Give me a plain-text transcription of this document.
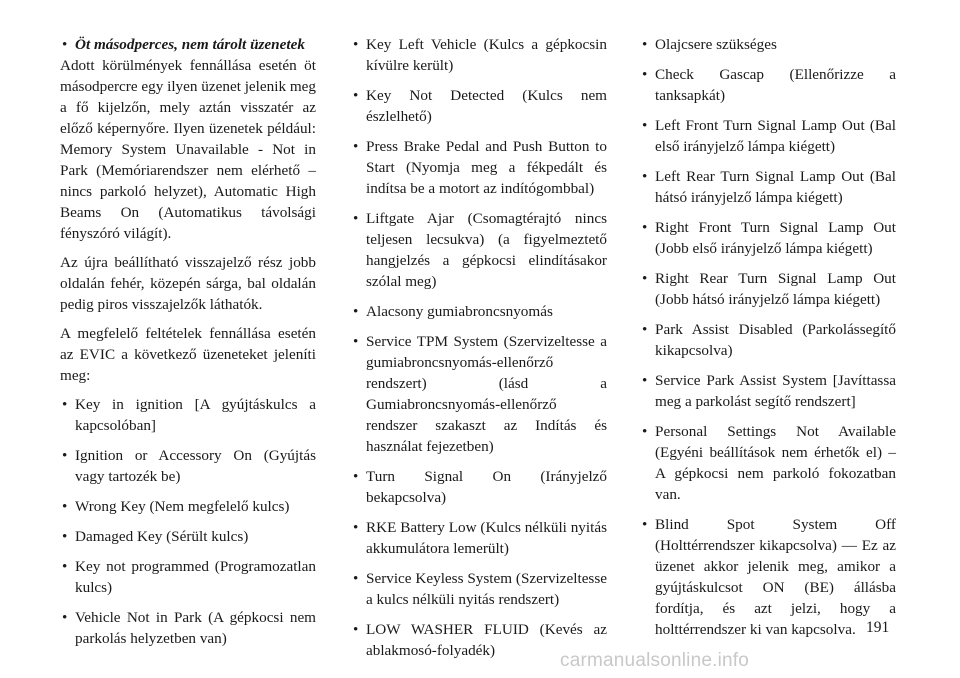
• Öt másodperces, nem tárolt üzenetek

Adott körülmények fennállása esetén öt másodpercre egy ilyen üzenet jelenik meg a fő kijelzőn, mely aztán visszatér az előző képernyőre. Ilyen üzenetek például: Memory System Unavailable - Not in Park (Memóriarendszer nem elérhető – nincs parkoló helyzet), Automatic High Beams On (Automatikus távolsági fényszóró világít).

Az újra beállítható visszajelző rész jobb oldalán fehér, közepén sárga, bal oldalán pedig piros visszajelzők láthatók.

A megfelelő feltételek fennállása esetén az EVIC a következő üzeneteket jeleníti meg:

• Key in ignition [A gyújtáskulcs a kapcsolóban]
• Ignition or Accessory On (Gyújtás vagy tartozék be)
• Wrong Key (Nem megfelelő kulcs)
• Damaged Key (Sérült kulcs)
• Key not programmed (Programozatlan kulcs)
• Vehicle Not in Park (A gépkocsi nem parkolás helyzetben van)
• Key Left Vehicle (Kulcs a gépkocsin kívülre került)
• Key Not Detected (Kulcs nem észlelhető)
• Press Brake Pedal and Push Button to Start (Nyomja meg a fékpedált és indítsa be a motort az indítógombbal)
• Liftgate Ajar (Csomagtérajtó nincs teljesen lecsukva) (a figyelmeztető hangjelzés a gépkocsi elindításakor szólal meg)
• Alacsony gumiabroncsnyomás
• Service TPM System (Szervizeltesse a gumiabroncsnyomás-ellenőrző rendszert) (lásd a Gumiabroncsnyomás-ellenőrző rendszer szakaszt az Indítás és használat fejezetben)
• Turn Signal On (Irányjelző bekapcsolva)
• RKE Battery Low (Kulcs nélküli nyitás akkumulátora lemerült)
• Service Keyless System (Szervizeltesse a kulcs nélküli nyitás rendszert)
• LOW WASHER FLUID (Kevés az ablakmosó-folyadék)
• Olajcsere szükséges
• Check Gascap (Ellenőrizze a tanksapkát)
• Left Front Turn Signal Lamp Out (Bal első irányjelző lámpa kiégett)
• Left Rear Turn Signal Lamp Out (Bal hátsó irányjelző lámpa kiégett)
• Right Front Turn Signal Lamp Out (Jobb első irányjelző lámpa kiégett)
• Right Rear Turn Signal Lamp Out (Jobb hátsó irányjelző lámpa kiégett)
• Park Assist Disabled (Parkolássegítő kikapcsolva)
• Service Park Assist System [Javíttassa meg a parkolást segítő rendszert]
• Personal Settings Not Available (Egyéni beállítások nem érhetők el) – A gépkocsi nem parkoló fokozatban van.
• Blind Spot System Off (Holttérrendszer kikapcsolva) — Ez az üzenet akkor jelenik meg, amikor a gyújtáskulcsot ON (BE) állásba fordítja, és azt jelzi, hogy a holttérrendszer ki van kapcsolva. 191
carmanualsonline.info
